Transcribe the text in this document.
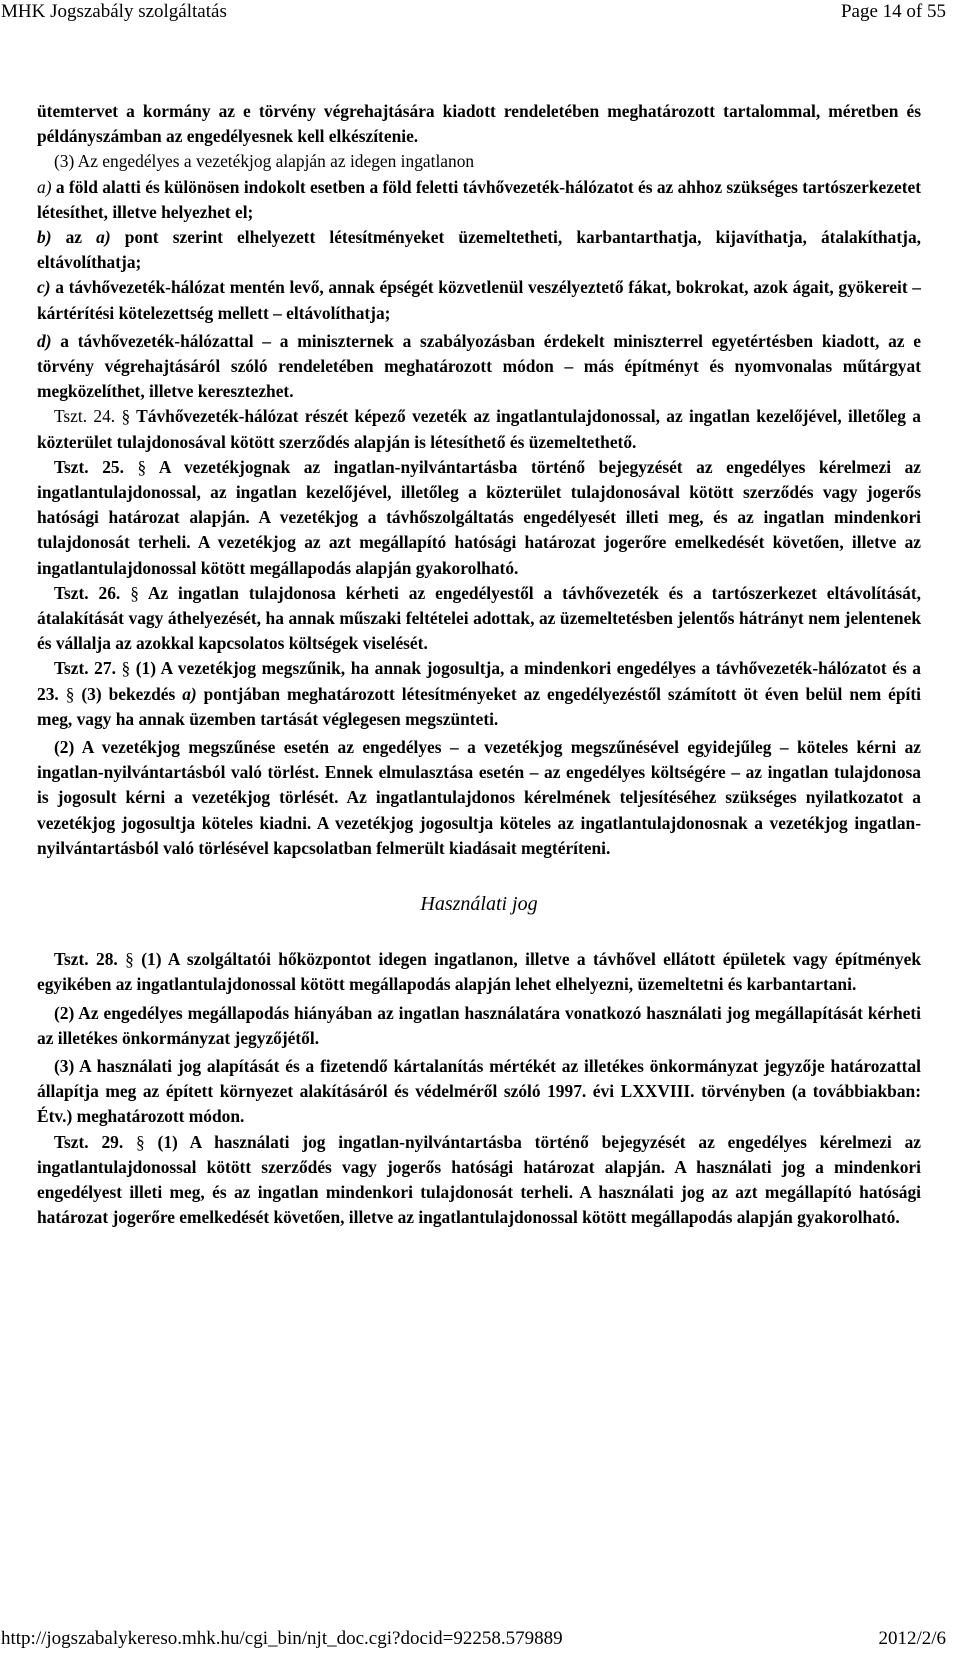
MHK Jogszabály szolgáltatás	Page 14 of 55

ütemtervet a kormány az e törvény végrehajtására kiadott rendeletében meghatározott tartalommal, méretben és példányszámban az engedélyesnek kell elkészítenie.

(3) Az engedélyes a vezetékjog alapján az idegen ingatlanon

a) a föld alatti és különösen indokolt esetben a föld feletti távhővezeték-hálózatot és az ahhoz szükséges tartószerkezetet létesíthet, illetve helyezhet el;

b) az a) pont szerint elhelyezett létesítményeket üzemeltetheti, karbantarthatja, kijavíthatja, átalakíthatja, eltávolíthatja;

c) a távhővezeték-hálózat mentén levő, annak épségét közvetlenül veszélyeztető fákat, bokrokat, azok ágait, gyökereit – kártérítési kötelezettség mellett – eltávolíthatja;

d) a távhővezeték-hálózattal – a miniszternek a szabályozásban érdekelt miniszterrel egyetértésben kiadott, az e törvény végrehajtásáról szóló rendeletében meghatározott módon – más építményt és nyomvonalas műtárgyat megközelíthet, illetve keresztezhet.

Tszt. 24. § Távhővezeték-hálózat részét képező vezeték az ingatlantulajdonossal, az ingatlan kezelőjével, illetőleg a közterület tulajdonosával kötött szerződés alapján is létesíthető és üzemeltethető.

Tszt. 25. § A vezetékjognak az ingatlan-nyilvántartásba történő bejegyzését az engedélyes kérelmezi az ingatlantulajdonossal, az ingatlan kezelőjével, illetőleg a közterület tulajdonosával kötött szerződés vagy jogerős hatósági határozat alapján. A vezetékjog a távhőszolgáltatás engedélyesét illeti meg, és az ingatlan mindenkori tulajdonosát terheli. A vezetékjog az azt megállapító hatósági határozat jogerőre emelkedését követően, illetve az ingatlantulajdonossal kötött megállapodás alapján gyakorolható.

Tszt. 26. § Az ingatlan tulajdonosa kérheti az engedélyestől a távhővezeték és a tartószerkezet eltávolítását, átalakítását vagy áthelyezését, ha annak műszaki feltételei adottak, az üzemeltetésben jelentős hátrányt nem jelentenek és vállalja az azokkal kapcsolatos költségek viselését.

Tszt. 27. § (1) A vezetékjog megszűnik, ha annak jogosultja, a mindenkori engedélyes a távhővezeték-hálózatot és a 23. § (3) bekezdés a) pontjában meghatározott létesítményeket az engedélyezéstől számított öt éven belül nem építi meg, vagy ha annak üzemben tartását véglegesen megszünteti.

(2) A vezetékjog megszűnése esetén az engedélyes – a vezetékjog megszűnésével egyidejűleg – köteles kérni az ingatlan-nyilvántartásból való törlést. Ennek elmulasztása esetén – az engedélyes költségére – az ingatlan tulajdonosa is jogosult kérni a vezetékjog törlését. Az ingatlantulajdonos kérelmének teljesítéséhez szükséges nyilatkozatot a vezetékjog jogosultja köteles kiadni. A vezetékjog jogosultja köteles az ingatlantulajdonosnak a vezetékjog ingatlan-nyilvántartásból való törlésével kapcsolatban felmerült kiadásait megtéríteni.

Használati jog

Tszt. 28. § (1) A szolgáltatói hőközpontot idegen ingatlanon, illetve a távhővel ellátott épületek vagy építmények egyikében az ingatlantulajdonossal kötött megállapodás alapján lehet elhelyezni, üzemeltetni és karbantartani.

(2) Az engedélyes megállapodás hiányában az ingatlan használatára vonatkozó használati jog megállapítását kérheti az illetékes önkormányzat jegyzőjétől.

(3) A használati jog alapítását és a fizetendő kártalanítás mértékét az illetékes önkormányzat jegyzője határozattal állapítja meg az épített környezet alakításáról és védelméről szóló 1997. évi LXXVIII. törvényben (a továbbiakban: Étv.) meghatározott módon.

Tszt. 29. § (1) A használati jog ingatlan-nyilvántartásba történő bejegyzését az engedélyes kérelmezi az ingatlantulajdonossal kötött szerződés vagy jogerős hatósági határozat alapján. A használati jog a mindenkori engedélyest illeti meg, és az ingatlan mindenkori tulajdonosát terheli. A használati jog az azt megállapító hatósági határozat jogerőre emelkedését követően, illetve az ingatlantulajdonossal kötött megállapodás alapján gyakorolható.

http://jogszabalykereso.mhk.hu/cgi_bin/njt_doc.cgi?docid=92258.579889	2012/2/6
